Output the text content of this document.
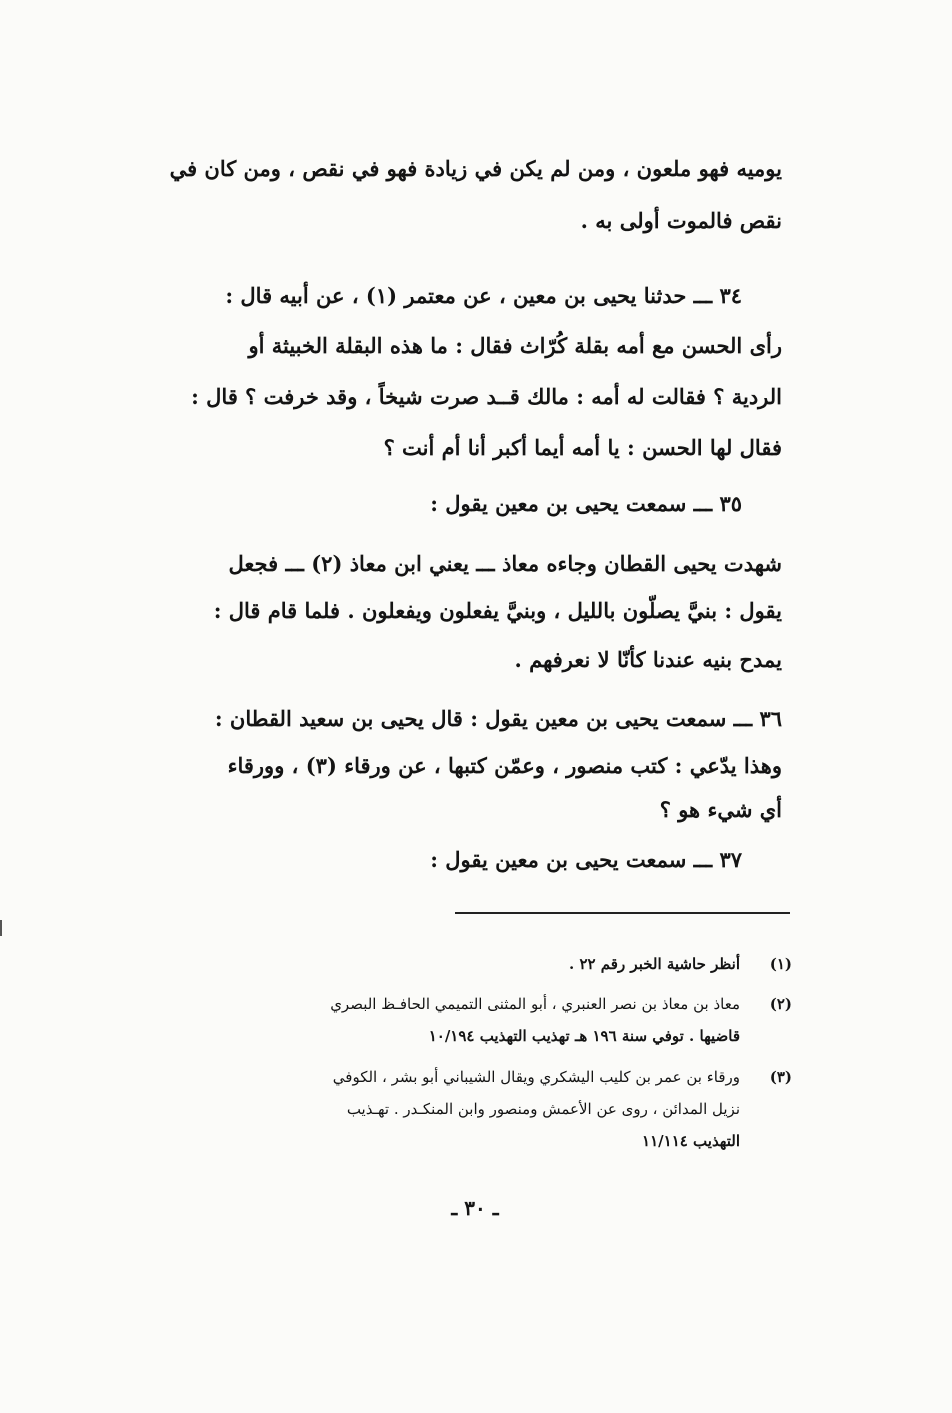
يوميه فهو ملعون ، ومن لم يكن في زيادة فهو في نقص ، ومن كان في
نقص فالموت أولى به .
٣٤ ـــ حدثنا يحيى بن معين ، عن معتمر (١) ، عن أبيه قال :
رأى الحسن مع أمه بقلة كُرّاث فقال : ما هذه البقلة الخبيثة أو
الردية ؟ فقالت له أمه : مالك قــد صرت شيخاً ، وقد خرفت ؟ قال :
فقال لها الحسن : يا أمه أيما أكبر أنا أم أنت ؟
٣٥ ـــ سمعت يحيى بن معين يقول :
شهدت يحيى القطان وجاءه معاذ ـــ يعني ابن معاذ (٢) ـــ فجعل
يقول : بنيَّ يصلّون بالليل ، وبنيَّ يفعلون ويفعلون . فلما قام قال :
يمدح بنيه عندنا كأنّا لا نعرفهم .
٣٦ ـــ سمعت يحيى بن معين يقول : قال يحيى بن سعيد القطان :
وهذا يدّعي : كتب منصور ، وعمّن كتبها ، عن ورقاء (٣) ، وورقاء
أي شيء هو ؟
٣٧ ـــ سمعت يحيى بن معين يقول :
(١)
أنظر حاشية الخبر رقم ٢٢ .
(٢)
معاذ بن معاذ بن نصر العنبري ، أبو المثنى التميمي الحافـظ البصري
قاضيها . توفي سنة ١٩٦ هـ تهذيب التهذيب ١٠/١٩٤
(٣)
ورقاء بن عمر بن كليب اليشكري ويقال الشيباني أبو بشر ، الكوفي
نزيل المدائن ، روى عن الأعمش ومنصور وابن المنكـدر . تهـذيب
التهذيب ١١/١١٤
ـ ٣٠ ـ
